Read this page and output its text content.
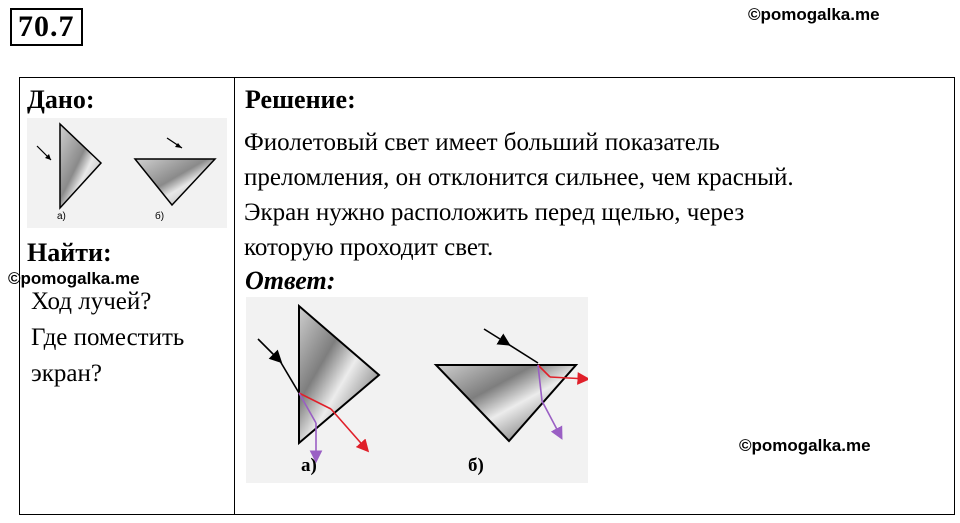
70.7	©pomogalka.me
Дано:
а)	б)
Найти:
©pomogalka.me
Ход лучей?
Где поместить
экран?
Решение:
Фиолетовый свет имеет больший показатель
преломления, он отклонится сильнее, чем красный.
Экран нужно расположить перед щелью, через
которую проходит свет.
Ответ:
а)	б)
©pomogalka.me
